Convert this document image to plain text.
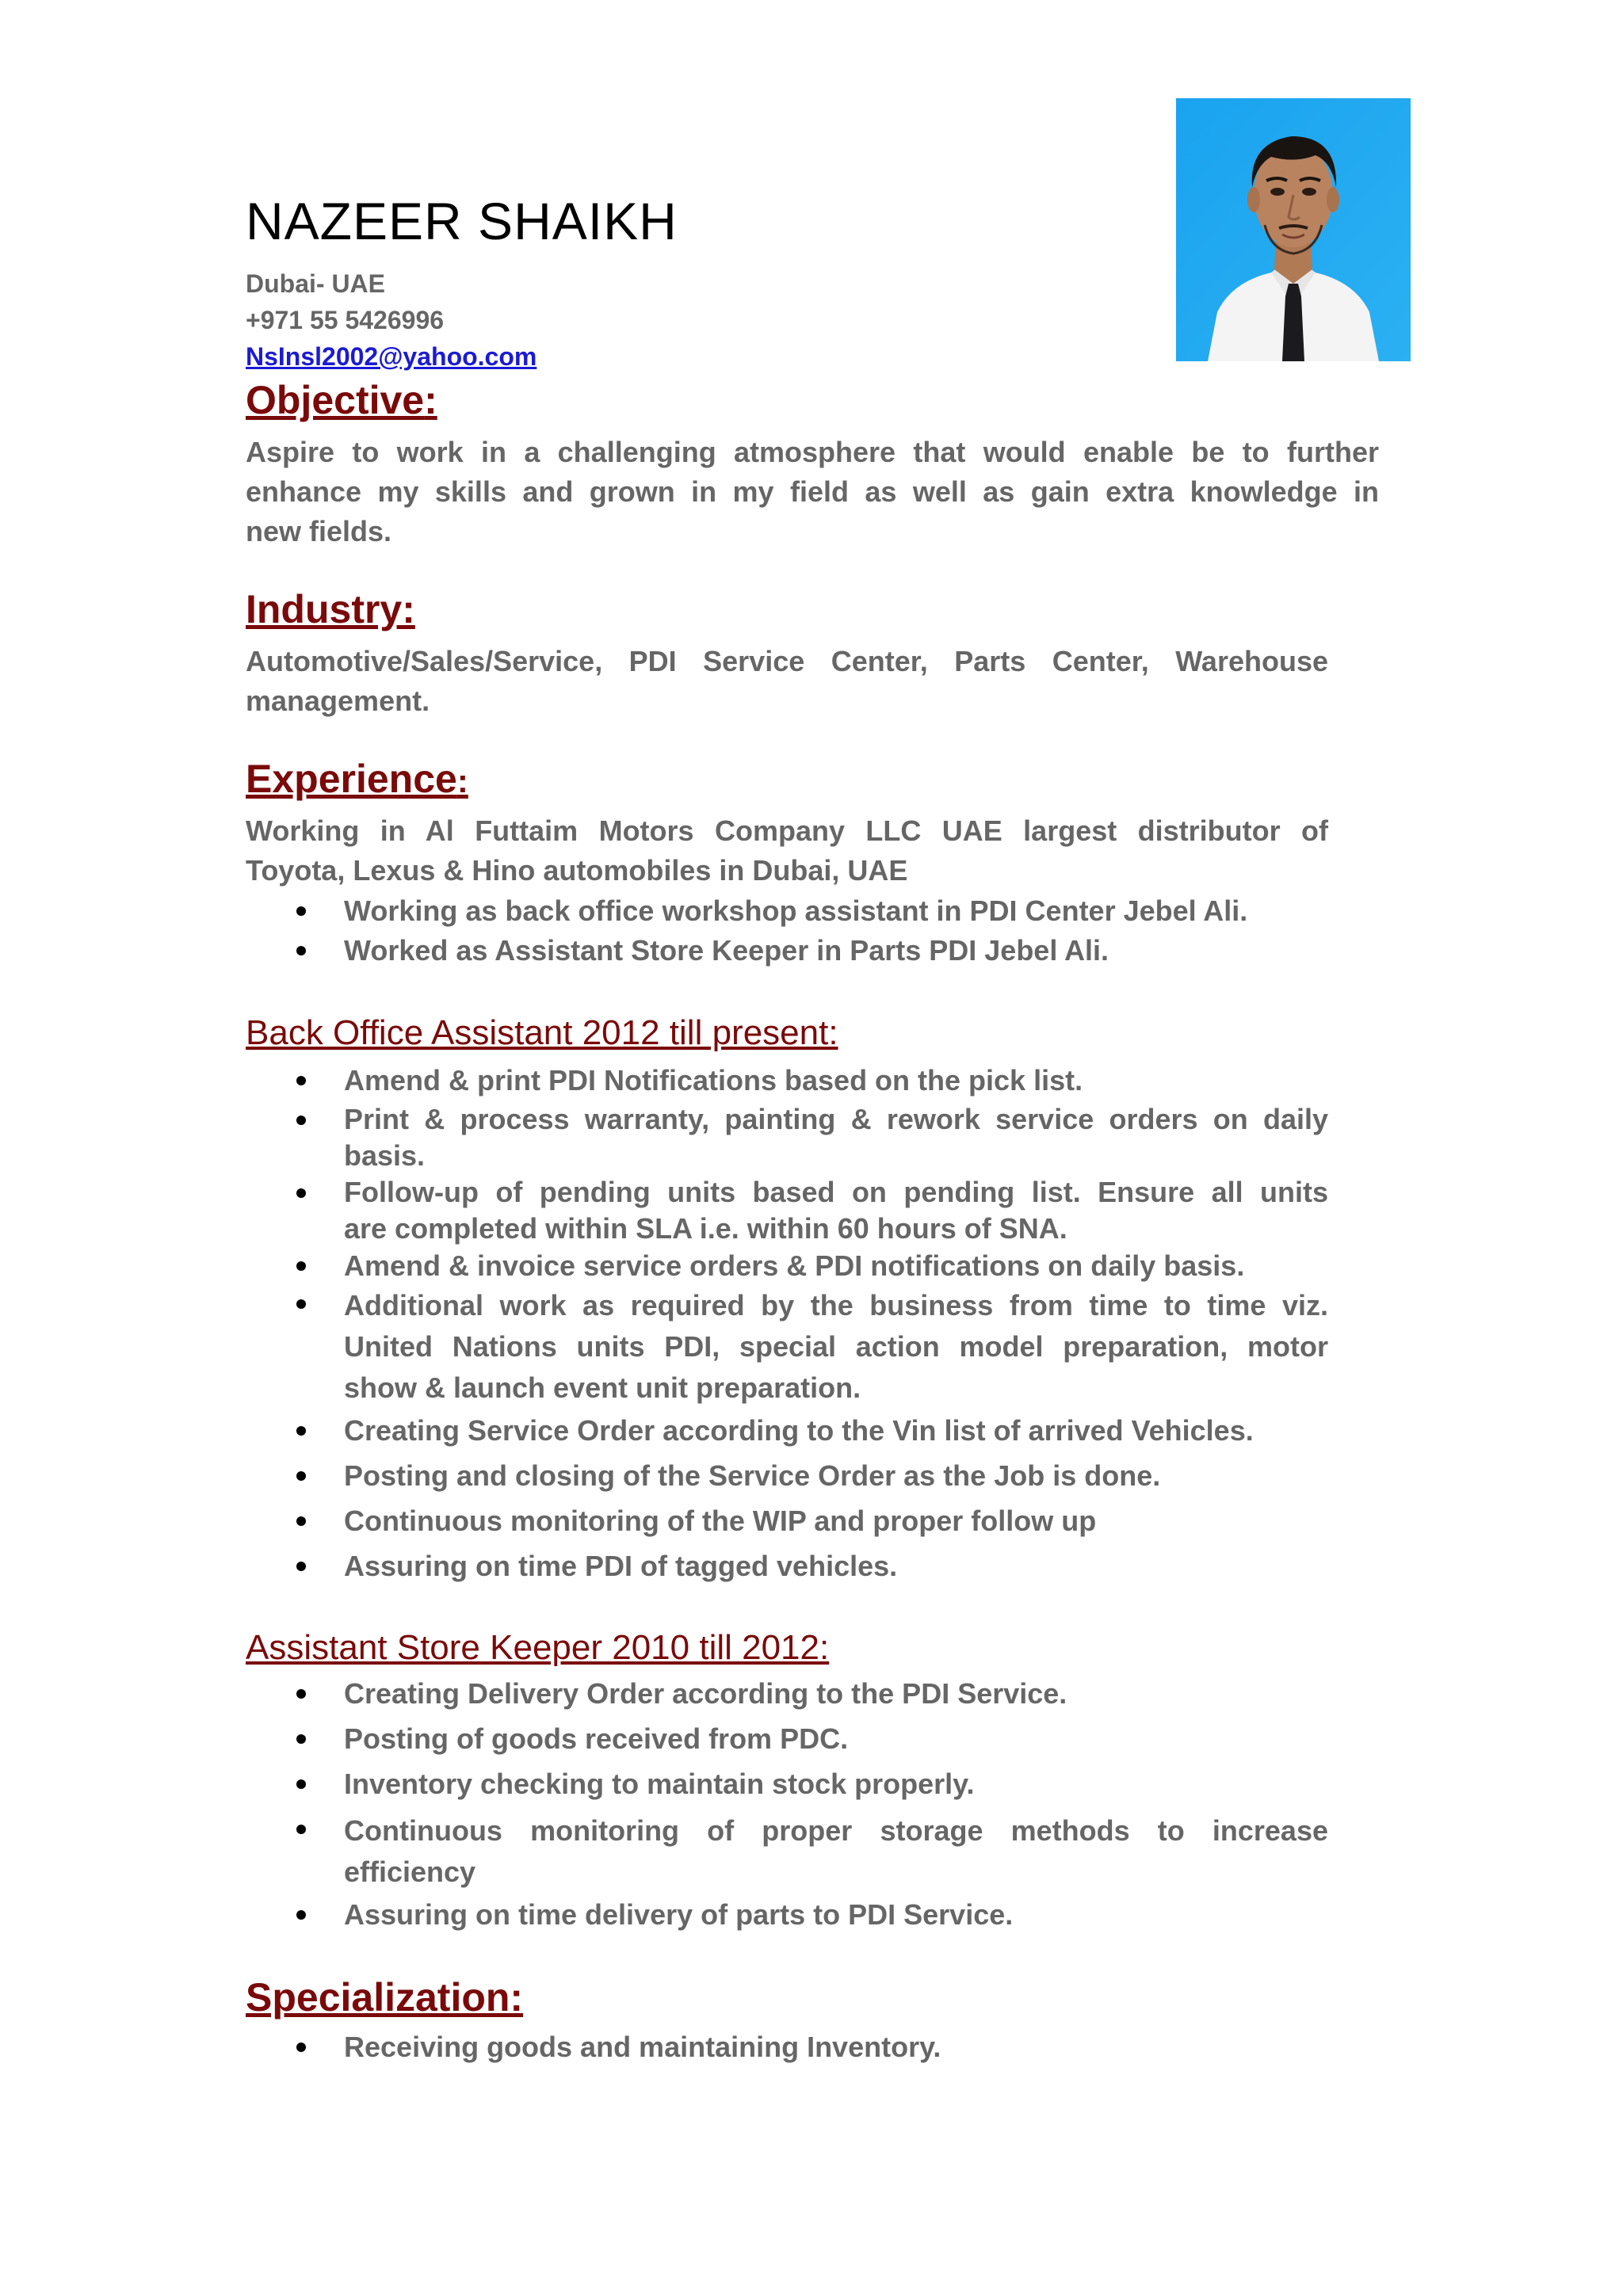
NAZEER SHAIKH

Dubai- UAE

+971 55 5426996

NsInsl2002@yahoo.com

Objective:

Aspire to work in a challenging atmosphere that would enable be to further
enhance my skills and grown in my field as well as gain extra knowledge in
new fields.

Industry:

Automotive/Sales/Service, PDI Service Center, Parts Center, Warehouse
management.

Experience:

Working in Al Futtaim Motors Company LLC UAE largest distributor of
Toyota, Lexus & Hino automobiles in Dubai, UAE

Working as back office workshop assistant in PDI Center Jebel Ali.
Worked as Assistant Store Keeper in Parts PDI Jebel Ali.
Back Office Assistant 2012 till present:
Amend & print PDI Notifications based on the pick list.
Print & process warranty, painting & rework service orders on daily
basis.
Follow-up of pending units based on pending list. Ensure all units
are completed within SLA i.e. within 60 hours of SNA.
Amend & invoice service orders & PDI notifications on daily basis.
Additional work as required by the business from time to time viz.
United Nations units PDI, special action model preparation, motor
show & launch event unit preparation.
Creating Service Order according to the Vin list of arrived Vehicles.
Posting and closing of the Service Order as the Job is done.
Continuous monitoring of the WIP and proper follow up
Assuring on time PDI of tagged vehicles.
Assistant Store Keeper 2010 till 2012:
Creating Delivery Order according to the PDI Service.
Posting of goods received from PDC.
Inventory checking to maintain stock properly.
Continuous monitoring of proper storage methods to increase
efficiency
Assuring on time delivery of parts to PDI Service.
Specialization:
Receiving goods and maintaining Inventory.
